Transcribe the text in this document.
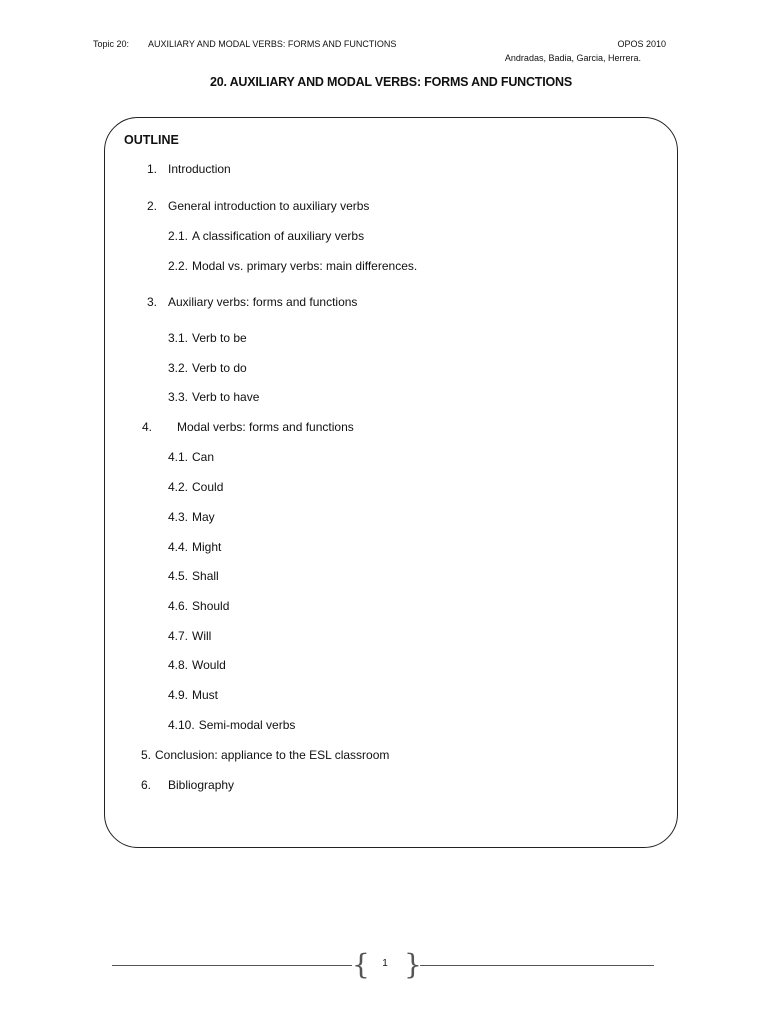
Topic 20: AUXILIARY AND MODAL VERBS: FORMS AND FUNCTIONS	OPOS 2010
Andradas, Badia, Garcia, Herrera.
20. AUXILIARY AND MODAL VERBS: FORMS AND FUNCTIONS
OUTLINE
1. Introduction
2. General introduction to auxiliary verbs
2.1. A classification of auxiliary verbs
2.2. Modal vs. primary verbs: main differences.
3. Auxiliary verbs: forms and functions
3.1. Verb to be
3.2. Verb to do
3.3. Verb to have
4. Modal verbs: forms and functions
4.1. Can
4.2. Could
4.3. May
4.4. Might
4.5. Shall
4.6. Should
4.7. Will
4.8. Would
4.9. Must
4.10. Semi-modal verbs
5. Conclusion: appliance to the ESL classroom
6. Bibliography
{	1 }
